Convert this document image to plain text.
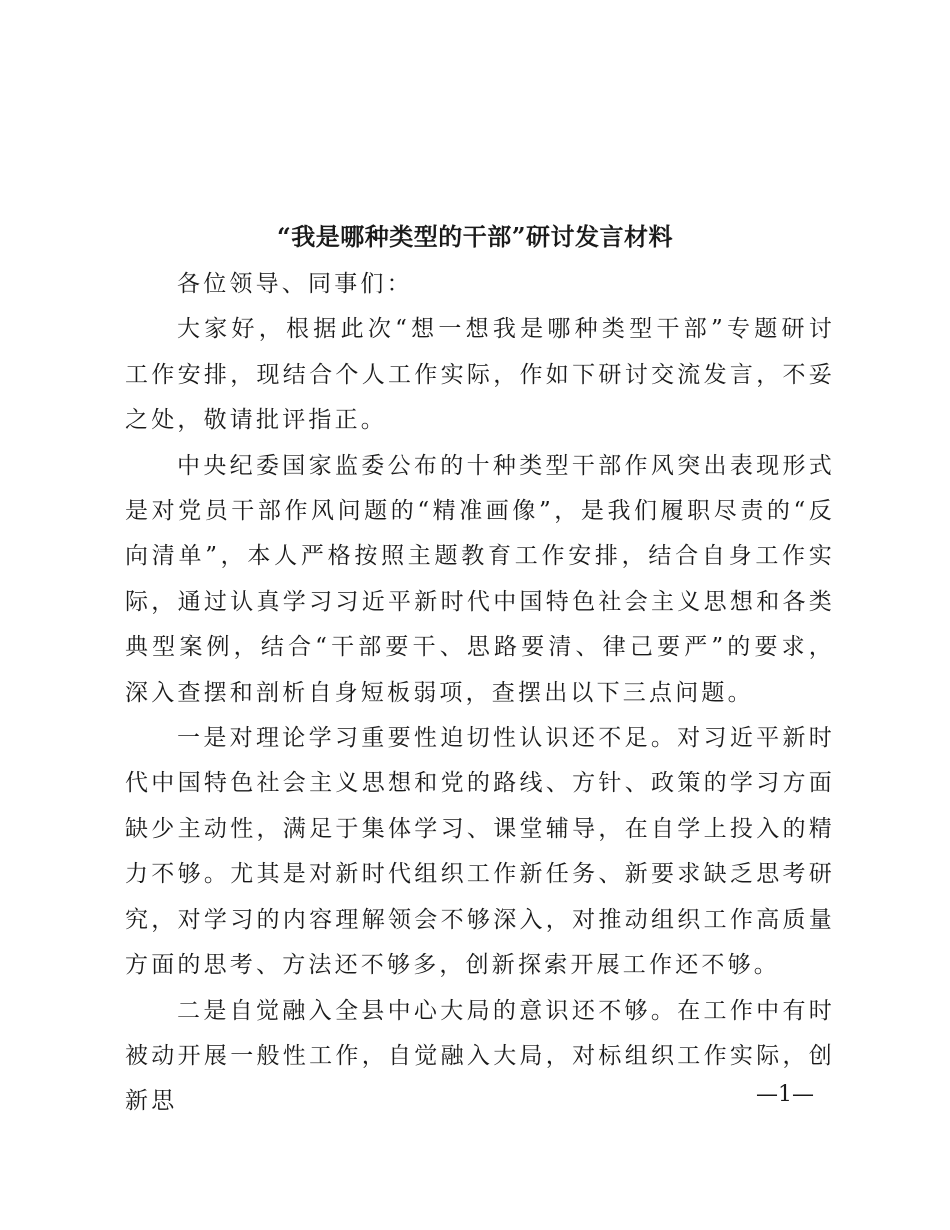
“我是哪种类型的干部”研讨发言材料

各位领导、同事们：

大家好，根据此次“想一想我是哪种类型干部”专题研讨工作安排，现结合个人工作实际，作如下研讨交流发言，不妥之处，敬请批评指正。

中央纪委国家监委公布的十种类型干部作风突出表现形式是对党员干部作风问题的“精准画像”，是我们履职尽责的“反向清单”，本人严格按照主题教育工作安排，结合自身工作实际，通过认真学习习近平新时代中国特色社会主义思想和各类典型案例，结合“干部要干、思路要清、律己要严”的要求，深入查摆和剖析自身短板弱项，查摆出以下三点问题。

一是对理论学习重要性迫切性认识还不足。对习近平新时代中国特色社会主义思想和党的路线、方针、政策的学习方面缺少主动性，满足于集体学习、课堂辅导，在自学上投入的精力不够。尤其是对新时代组织工作新任务、新要求缺乏思考研究，对学习的内容理解领会不够深入，对推动组织工作高质量方面的思考、方法还不够多，创新探索开展工作还不够。

二是自觉融入全县中心大局的意识还不够。在工作中有时被动开展一般性工作，自觉融入大局，对标组织工作实际，创新思	—1—
